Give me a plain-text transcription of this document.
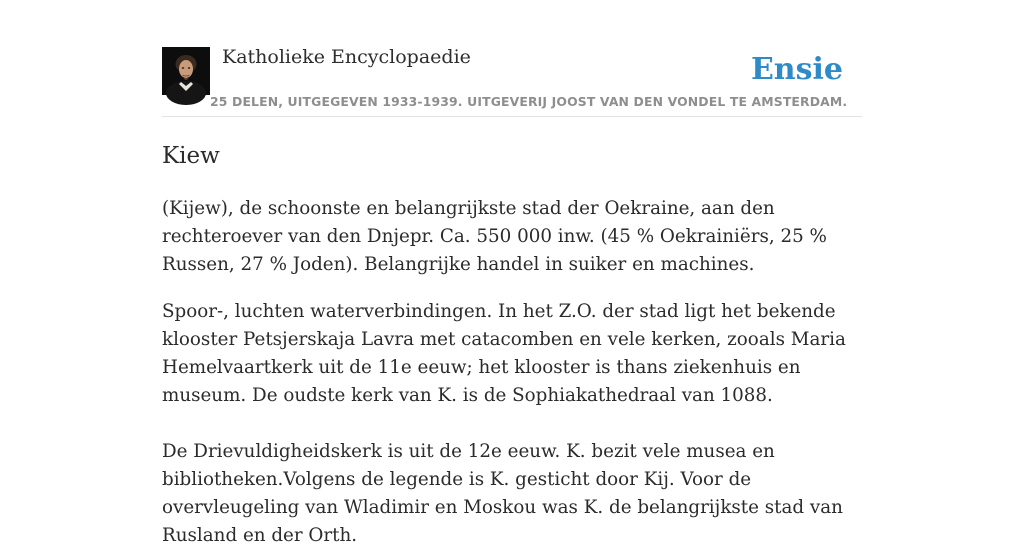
Katholieke Encyclopaedie	Ensie
25 DELEN, UITGEGEVEN 1933-1939. UITGEVERIJ JOOST VAN DEN VONDEL TE AMSTERDAM.
Kiew

(Kijew), de schoonste en belangrijkste stad der Oekraine, aan den rechteroever van den Dnjepr. Ca. 550 000 inw. (45 % Oekrainiërs, 25 % Russen, 27 % Joden). Belangrijke handel in suiker en machines.

Spoor-, luchten waterverbindingen. In het Z.O. der stad ligt het bekende klooster Petsjerskaja Lavra met catacomben en vele kerken, zooals Maria Hemelvaartkerk uit de 11e eeuw; het klooster is thans ziekenhuis en museum. De oudste kerk van K. is de Sophiakathedraal van 1088.

De Drievuldigheidskerk is uit de 12e eeuw. K. bezit vele musea en bibliotheken.Volgens de legende is K. gesticht door Kij. Voor de overvleugeling van Wladimir en Moskou was K. de belangrijkste stad van Rusland en der Orth.
